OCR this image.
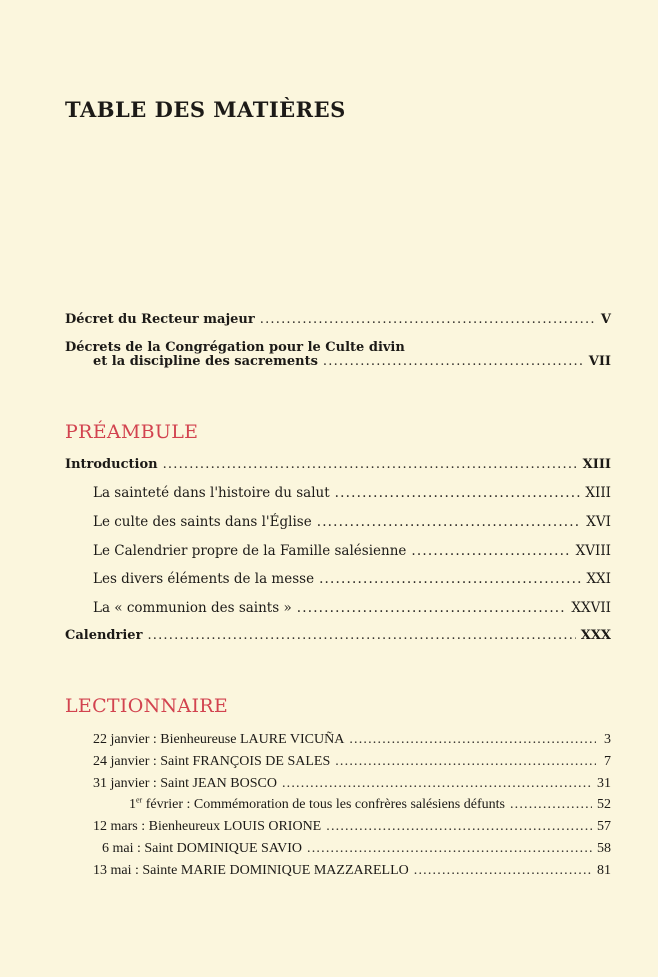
TABLE DES MATIÈRES
Décret du Recteur majeur .....	V
Décrets de la Congrégation pour le Culte divin
et la discipline des sacrements .....	VII
PRÉAMBULE
Introduction .....	XIII
La sainteté dans l'histoire du salut .....	XIII
Le culte des saints dans l'Église .....	XVI
Le Calendrier propre de la Famille salésienne .....	XVIII
Les divers éléments de la messe .....	XXI
La « communion des saints » .....	XXVII
Calendrier .....	XXX
LECTIONNAIRE
22 janvier : Bienheureuse LAURE VICUÑA .....	3
24 janvier : Saint FRANÇOIS DE SALES .....	7
31 janvier : Saint JEAN BOSCO .....	31
1er février : Commémoration de tous les confrères salésiens défunts .....	52
12 mars : Bienheureux LOUIS ORIONE .....	57
6 mai : Saint DOMINIQUE SAVIO .....	58
13 mai : Sainte MARIE DOMINIQUE MAZZARELLO .....	81
